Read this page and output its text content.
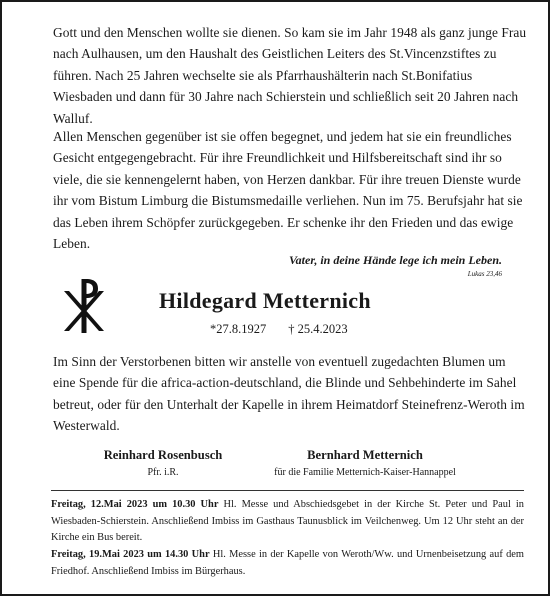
Gott und den Menschen wollte sie dienen. So kam sie im Jahr 1948 als ganz junge Frau nach Aulhausen, um den Haushalt des Geistlichen Leiters des St.Vincenzstiftes zu führen. Nach 25 Jahren wechselte sie als Pfarrhaushälterin nach St.Bonifatius Wiesbaden und dann für 30 Jahre nach Schierstein und schließlich seit 20 Jahren nach Walluf.

Allen Menschen gegenüber ist sie offen begegnet, und jedem hat sie ein freundliches Gesicht entgegengebracht. Für ihre Freundlichkeit und Hilfsbereitschaft sind ihr so viele, die sie kennengelernt haben, von Herzen dankbar. Für ihre treuen Dienste wurde ihr vom Bistum Limburg die Bistumsmedaille verliehen. Nun im 75. Berufsjahr hat sie das Leben ihrem Schöpfer zurückgegeben. Er schenke ihr den Frieden und das ewige Leben.

Vater, in deine Hände lege ich mein Leben.

Lukas 23,46

Hildegard Metternich
*27.8.1927 † 25.4.2023

Im Sinn der Verstorbenen bitten wir anstelle von eventuell zugedachten Blumen um eine Spende für die africa-action-deutschland, die Blinde und Sehbehinderte im Sahel betreut, oder für den Unterhalt der Kapelle in ihrem Heimatdorf Steinefrenz-Weroth im Westerwald.

Reinhard Rosenbusch
Pfr. i.R.
Bernhard Metternich
für die Familie Metternich-Kaiser-Hannappel

Freitag, 12.Mai 2023 um 10.30 Uhr Hl. Messe und Abschiedsgebet in der Kirche St. Peter und Paul in Wiesbaden-Schierstein. Anschließend Imbiss im Gasthaus Taunusblick im Veilchenweg. Um 12 Uhr steht an der Kirche ein Bus bereit.

Freitag, 19.Mai 2023 um 14.30 Uhr Hl. Messe in der Kapelle von Weroth/Ww. und Urnenbeisetzung auf dem Friedhof. Anschließend Imbiss im Bürgerhaus.
